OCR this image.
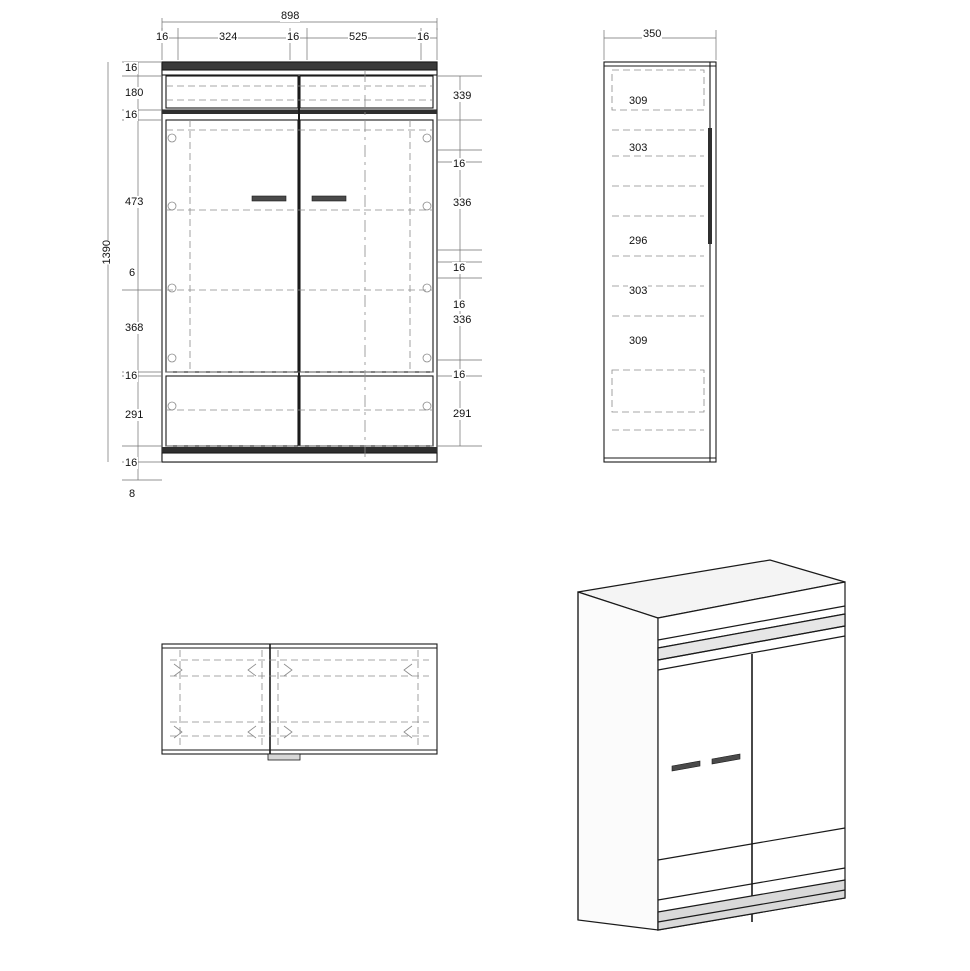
16	324	16	525	16
898
1390
16
180
16
473
6
368
16
291
16
8
339
16
336
16
16
336
16
291
350
309
303
296
303
309
